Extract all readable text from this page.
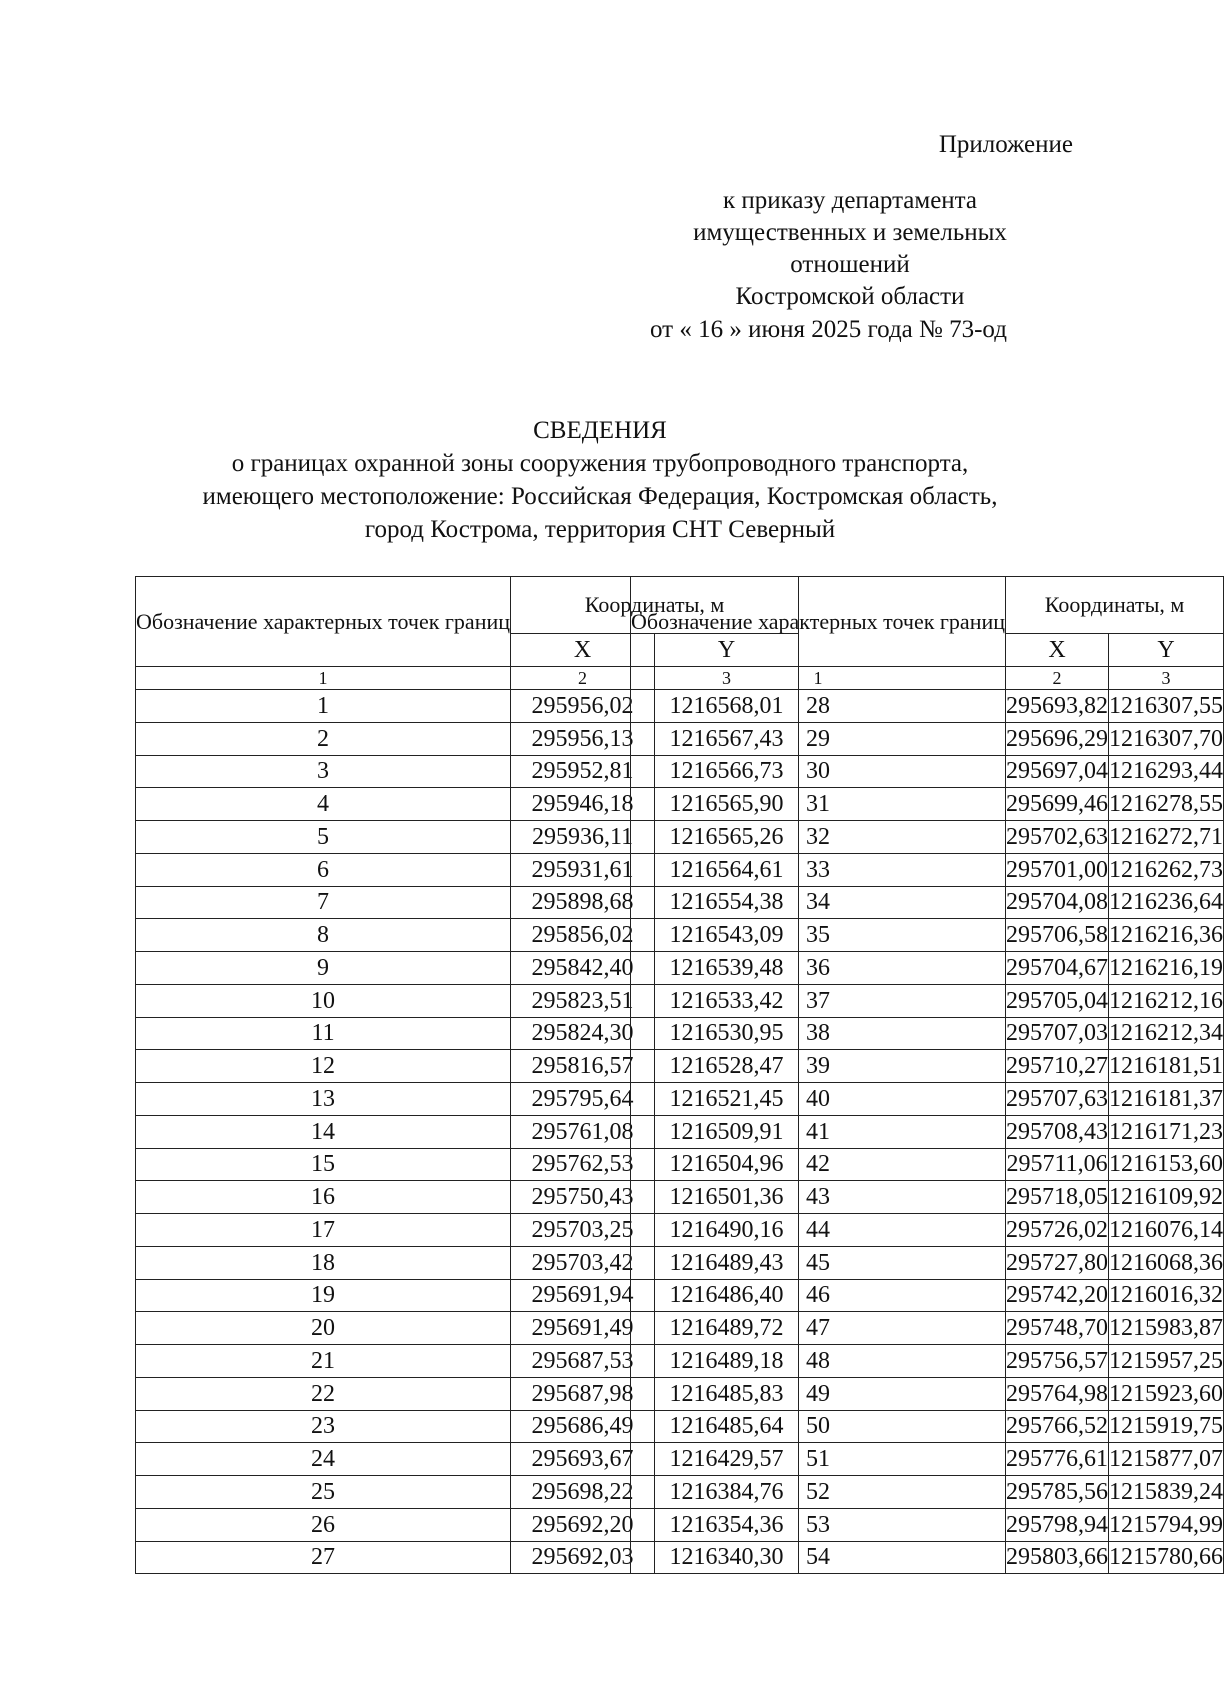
Приложение
к приказу департамента
имущественных и земельных
отношений
Костромской области
от « 16 » июня 2025 года № 73-од
СВЕДЕНИЯ
о границах охранной зоны сооружения трубопроводного транспорта,
имеющего местоположение: Российская Федерация, Костромская область,
город Кострома, территория СНТ Северный
Обозначение характерных точек границ	Координаты, м	
	X	Y
1	2	3
1	295956,02	1216568,01
2	295956,13	1216567,43
3	295952,81	1216566,73
4	295946,18	1216565,90
5	295936,11	1216565,26
6	295931,61	1216564,61
7	295898,68	1216554,38
8	295856,02	1216543,09
9	295842,40	1216539,48
10	295823,51	1216533,42
11	295824,30	1216530,95
12	295816,57	1216528,47
13	295795,64	1216521,45
14	295761,08	1216509,91
15	295762,53	1216504,96
16	295750,43	1216501,36
17	295703,25	1216490,16
18	295703,42	1216489,43
19	295691,94	1216486,40
20	295691,49	1216489,72
21	295687,53	1216489,18
22	295687,98	1216485,83
23	295686,49	1216485,64
24	295693,67	1216429,57
25	295698,22	1216384,76
26	295692,20	1216354,36
27	295692,03	1216340,30
Обозначение характерных точек границ	Координаты, м	
	X	Y
1	2	3
28	295693,82	1216307,55
29	295696,29	1216307,70
30	295697,04	1216293,44
31	295699,46	1216278,55
32	295702,63	1216272,71
33	295701,00	1216262,73
34	295704,08	1216236,64
35	295706,58	1216216,36
36	295704,67	1216216,19
37	295705,04	1216212,16
38	295707,03	1216212,34
39	295710,27	1216181,51
40	295707,63	1216181,37
41	295708,43	1216171,23
42	295711,06	1216153,60
43	295718,05	1216109,92
44	295726,02	1216076,14
45	295727,80	1216068,36
46	295742,20	1216016,32
47	295748,70	1215983,87
48	295756,57	1215957,25
49	295764,98	1215923,60
50	295766,52	1215919,75
51	295776,61	1215877,07
52	295785,56	1215839,24
53	295798,94	1215794,99
54	295803,66	1215780,66
